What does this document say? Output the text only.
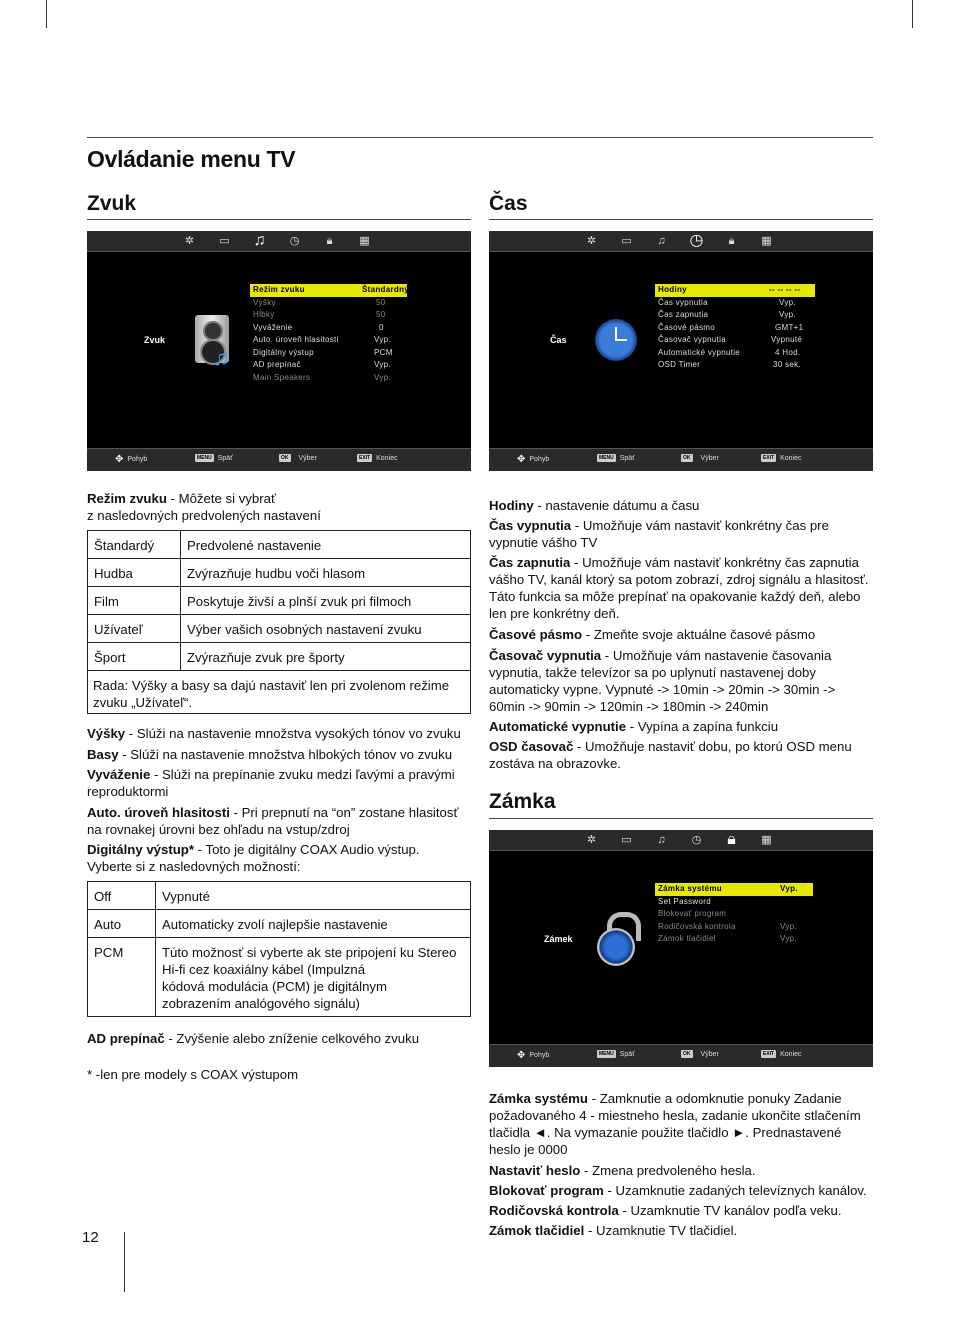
Ovládanie menu TV
Zvuk	Čas
✲	▭	♫	◷	🔒︎	▦
Zvuk
♫
Režim zvuku	Štandardný
Výšky	50
Hĺbky	50
Vyváženie	0
Auto. úroveň hlasitosti	Vyp.
Digitálny výstup	PCM
AD prepínač	Vyp.
Main Speakers	Vyp.
✥ Pohyb	MENU Späť	OK Výber	EXIT Koniec
✲	▭	♫	◷	🔒︎	▦
Čas
Hodiny	-- -- -- --
Čas vypnutia	Vyp.
Čas zapnutia	Vyp.
Časové pásmo	GMT+1
Časovač vypnutia	Vypnuté
Automatické vypnutie	4 Hod.
OSD Timer	30 sek.
✥ Pohyb	MENU Späť	OK Výber	EXIT Koniec

Režim zvuku - Môžete si vybrať
z nasledovných predvolených nastavení

Štandardý	Predvolené nastavenie
Hudba	Zvýrazňuje hudbu voči hlasom
Film	Poskytuje živší a plnší zvuk pri filmoch
Užívateľ	Výber vašich osobných nastavení zvuku
Šport	Zvýrazňuje zvuk pre športy

Rada: Výšky a basy sa dajú nastaviť len pri zvolenom režime
zvuku „Užívateľ“.

Výšky - Slúži na nastavenie množstva vysokých tónov vo zvuku

Basy - Slúži na nastavenie množstva hlbokých tónov vo zvuku

Vyváženie - Slúži na prepínanie zvuku medzi ľavými a pravými
reproduktormi

Auto. úroveň hlasitosti - Pri prepnutí na “on” zostane hlasitosť
na rovnakej úrovni bez ohľadu na vstup/zdroj

Digitálny výstup* - Toto je digitálny COAX Audio výstup.
Vyberte si z nasledovných možností:

Off	Vypnuté
Auto	Automaticky zvolí najlepšie nastavenie
PCM	Túto možnosť si vyberte ak ste pripojení ku Stereo
Hi-fi cez koaxiálny kábel (Impulzná
kódová modulácia (PCM) je digitálnym
zobrazením analógového signálu)

AD prepínač - Zvýšenie alebo zníženie celkového zvuku

* -len pre modely s COAX výstupom

Hodiny - nastavenie dátumu a času

Čas vypnutia - Umožňuje vám nastaviť konkrétny čas pre
vypnutie vášho TV

Čas zapnutia - Umožňuje vám nastaviť konkrétny čas zapnutia
vášho TV, kanál ktorý sa potom zobrazí, zdroj signálu a hlasitosť.
Táto funkcia sa môže prepínať na opakovanie každý deň, alebo
len pre konkrétny deň.

Časové pásmo - Zmeňte svoje aktuálne časové pásmo

Časovač vypnutia - Umožňuje vám nastavenie časovania
vypnutia, takže televízor sa po uplynutí nastavenej doby
automaticky vypne. Vypnuté -> 10min -> 20min -> 30min ->
60min -> 90min -> 120min -> 180min -> 240min

Automatické vypnutie - Vypína a zapína funkciu

OSD časovač - Umožňuje nastaviť dobu, po ktorú OSD menu
zostáva na obrazovke.

Zámka
✲	▭	♫	◷	🔒︎	▦
Zámek
Zámka systému	Vyp.
Set Password
Blokovať program
Rodičovská kontrola	Vyp.
Zámok tlačidiel	Vyp.
✥ Pohyb	MENU Späť	OK Výber	EXIT Koniec

Zámka systému - Zamknutie a odomknutie ponuky Zadanie
požadovaného 4 - miestneho hesla, zadanie ukončite stlačením
tlačidla ◄. Na vymazanie použite tlačidlo ►. Prednastavené
heslo je 0000

Nastaviť heslo - Zmena predvoleného hesla.

Blokovať program - Uzamknutie zadaných televíznych kanálov.

Rodičovská kontrola - Uzamknutie TV kanálov podľa veku.

Zámok tlačidiel - Uzamknutie TV tlačidiel.

12
